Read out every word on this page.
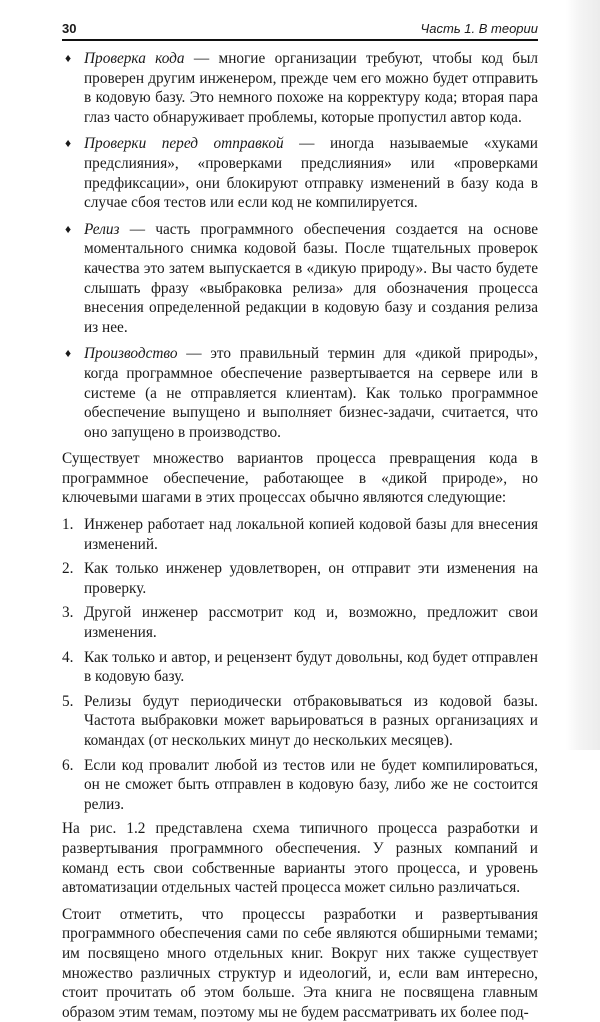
30	Часть 1. В теории
♦ Проверка кода — многие организации требуют, чтобы код был проверен другим инженером, прежде чем его можно будет отправить в кодовую базу. Это немного похоже на корректуру кода; вторая пара глаз часто обнаруживает проблемы, которые пропустил автор кода.
♦ Проверки перед отправкой — иногда называемые «хуками предслияния», «проверками предслияния» или «проверками предфиксации», они блокируют отправку изменений в базу кода в случае сбоя тестов или если код не компилируется.
♦ Релиз — часть программного обеспечения создается на основе моментального снимка кодовой базы. После тщательных проверок качества это затем выпускается в «дикую природу». Вы часто будете слышать фразу «выбраковка релиза» для обозначения процесса внесения определенной редакции в кодовую базу и создания релиза из нее.
♦ Производство — это правильный термин для «дикой природы», когда программное обеспечение развертывается на сервере или в системе (а не отправляется клиентам). Как только программное обеспечение выпущено и выполняет бизнес-задачи, считается, что оно запущено в производство.

Существует множество вариантов процесса превращения кода в программное обеспечение, работающее в «дикой природе», но ключевыми шагами в этих процессах обычно являются следующие:

1. Инженер работает над локальной копией кодовой базы для внесения изменений.
2. Как только инженер удовлетворен, он отправит эти изменения на проверку.
3. Другой инженер рассмотрит код и, возможно, предложит свои изменения.
4. Как только и автор, и рецензент будут довольны, код будет отправлен в кодовую базу.
5. Релизы будут периодически отбраковываться из кодовой базы. Частота выбраковки может варьироваться в разных организациях и командах (от нескольких минут до нескольких месяцев).
6. Если код провалит любой из тестов или не будет компилироваться, он не сможет быть отправлен в кодовую базу, либо же не состоится релиз.

На рис. 1.2 представлена схема типичного процесса разработки и развертывания программного обеспечения. У разных компаний и команд есть свои собственные варианты этого процесса, и уровень автоматизации отдельных частей процесса может сильно различаться.

Стоит отметить, что процессы разработки и развертывания программного обеспечения сами по себе являются обширными темами; им посвящено много отдельных книг. Вокруг них также существует множество различных структур и идеологий, и, если вам интересно, стоит прочитать об этом больше. Эта книга не посвящена главным образом этим темам, поэтому мы не будем рассматривать их более под-
